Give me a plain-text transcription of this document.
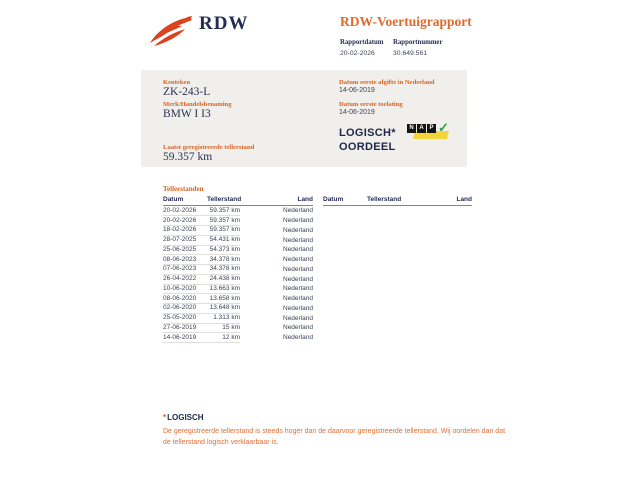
RDW	RDW-Voertuigrapport
Rapportdatum
20-02-2026
Rapportnummer
30.649.561
Kenteken
ZK-243-L
Merk/Handelsbenaming
BMW I I3
Laatst geregistreerde tellerstand
59.357 km
Datum eerste afgifte in Nederland
14-06-2019
Datum eerste toelating
14-06-2019
LOGISCH*
OORDEEL
N A P ✓
Tellerstanden
Datum	Tellerstand	Land
20-02-2026	59.357 km	Nederland
20-02-2026	59.357 km	Nederland
18-02-2026	59.357 km	Nederland
28-07-2025	54.431 km	Nederland
25-06-2025	54.373 km	Nederland
08-06-2023	34.378 km	Nederland
07-06-2023	34.378 km	Nederland
26-04-2022	24.438 km	Nederland
10-06-2020	13.663 km	Nederland
08-06-2020	13.658 km	Nederland
02-06-2020	13.648 km	Nederland
25-05-2020	1.313 km	Nederland
27-06-2019	15 km	Nederland
14-06-2019	12 km	Nederland
Datum	Tellerstand	Land
*LOGISCH
De geregistreerde tellerstand is steeds hoger dan de daarvoor geregistreerde tellerstand. Wij oordelen dan dat de tellerstand logisch verklaarbaar is.
